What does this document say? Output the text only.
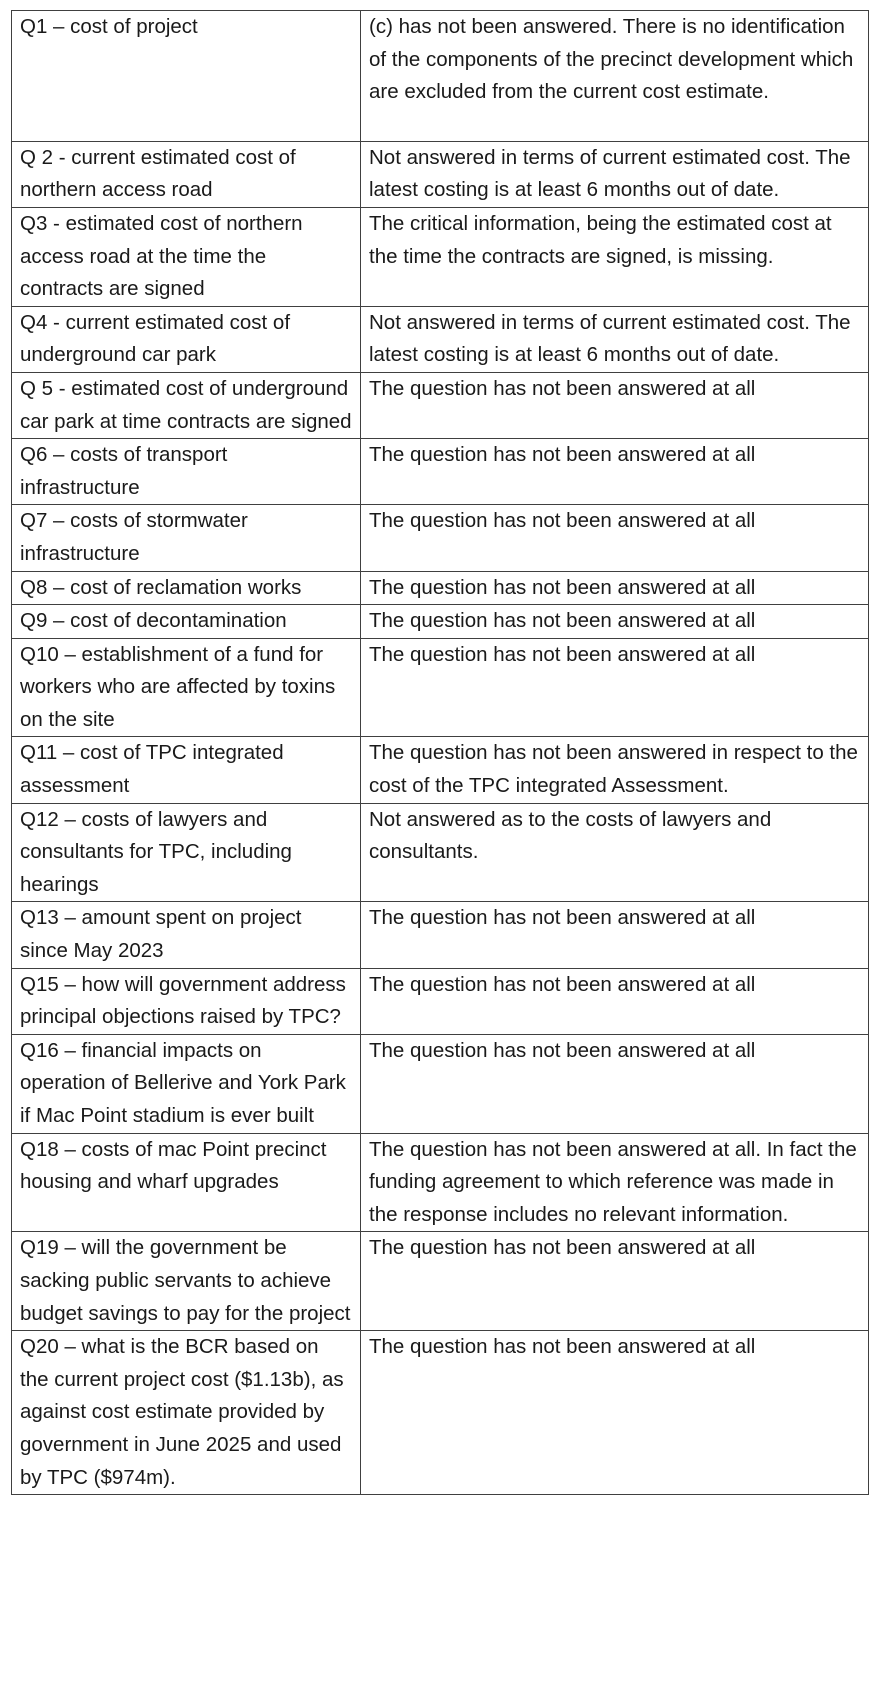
Q1 – cost of project	(c) has not been answered. There is no identification of the components of the precinct development which are excluded from the current cost estimate.
Q 2 - current estimated cost of northern access road	Not answered in terms of current estimated cost. The latest costing is at least 6 months out of date.
Q3 - estimated cost of northern access road at the time the contracts are signed	The critical information, being the estimated cost at the time the contracts are signed, is missing.
Q4 - current estimated cost of underground car park	Not answered in terms of current estimated cost. The latest costing is at least 6 months out of date.
Q 5 - estimated cost of underground car park at time contracts are signed	The question has not been answered at all
Q6 – costs of transport infrastructure	The question has not been answered at all
Q7 – costs of stormwater infrastructure	The question has not been answered at all
Q8 – cost of reclamation works	The question has not been answered at all
Q9 – cost of decontamination	The question has not been answered at all
Q10 – establishment of a fund for workers who are affected by toxins on the site	The question has not been answered at all
Q11 – cost of TPC integrated assessment	The question has not been answered in respect to the cost of the TPC integrated Assessment.
Q12 – costs of lawyers and consultants for TPC, including hearings	Not answered as to the costs of lawyers and consultants.
Q13 – amount spent on project since May 2023	The question has not been answered at all
Q15 – how will government address principal objections raised by TPC?	The question has not been answered at all
Q16 – financial impacts on operation of Bellerive and York Park if Mac Point stadium is ever built	The question has not been answered at all
Q18 – costs of mac Point precinct housing and wharf upgrades	The question has not been answered at all. In fact the funding agreement to which reference was made in the response includes no relevant information.
Q19 – will the government be sacking public servants to achieve budget savings to pay for the project	The question has not been answered at all
Q20 – what is the BCR based on the current project cost ($1.13b), as against cost estimate provided by government in June 2025 and used by TPC ($974m).	The question has not been answered at all
